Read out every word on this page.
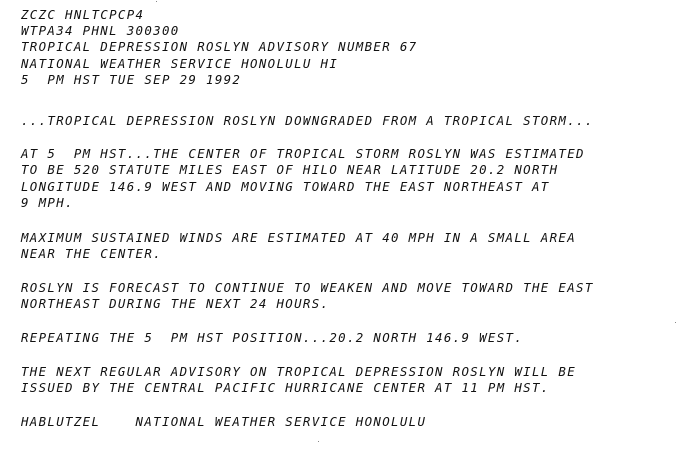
ZCZC HNLTCPCP4

WTPA34 PHNL 300300

TROPICAL DEPRESSION ROSLYN ADVISORY NUMBER 67

NATIONAL WEATHER SERVICE HONOLULU HI

5  PM HST TUE SEP 29 1992

...TROPICAL DEPRESSION ROSLYN DOWNGRADED FROM A TROPICAL STORM...

AT 5  PM HST...THE CENTER OF TROPICAL STORM ROSLYN WAS ESTIMATED

TO BE 520 STATUTE MILES EAST OF HILO NEAR LATITUDE 20.2 NORTH

LONGITUDE 146.9 WEST AND MOVING TOWARD THE EAST NORTHEAST AT

9 MPH.

MAXIMUM SUSTAINED WINDS ARE ESTIMATED AT 40 MPH IN A SMALL AREA

NEAR THE CENTER.

ROSLYN IS FORECAST TO CONTINUE TO WEAKEN AND MOVE TOWARD THE EAST

NORTHEAST DURING THE NEXT 24 HOURS.

REPEATING THE 5  PM HST POSITION...20.2 NORTH 146.9 WEST.

THE NEXT REGULAR ADVISORY ON TROPICAL DEPRESSION ROSLYN WILL BE

ISSUED BY THE CENTRAL PACIFIC HURRICANE CENTER AT 11 PM HST.

HABLUTZEL    NATIONAL WEATHER SERVICE HONOLULU
